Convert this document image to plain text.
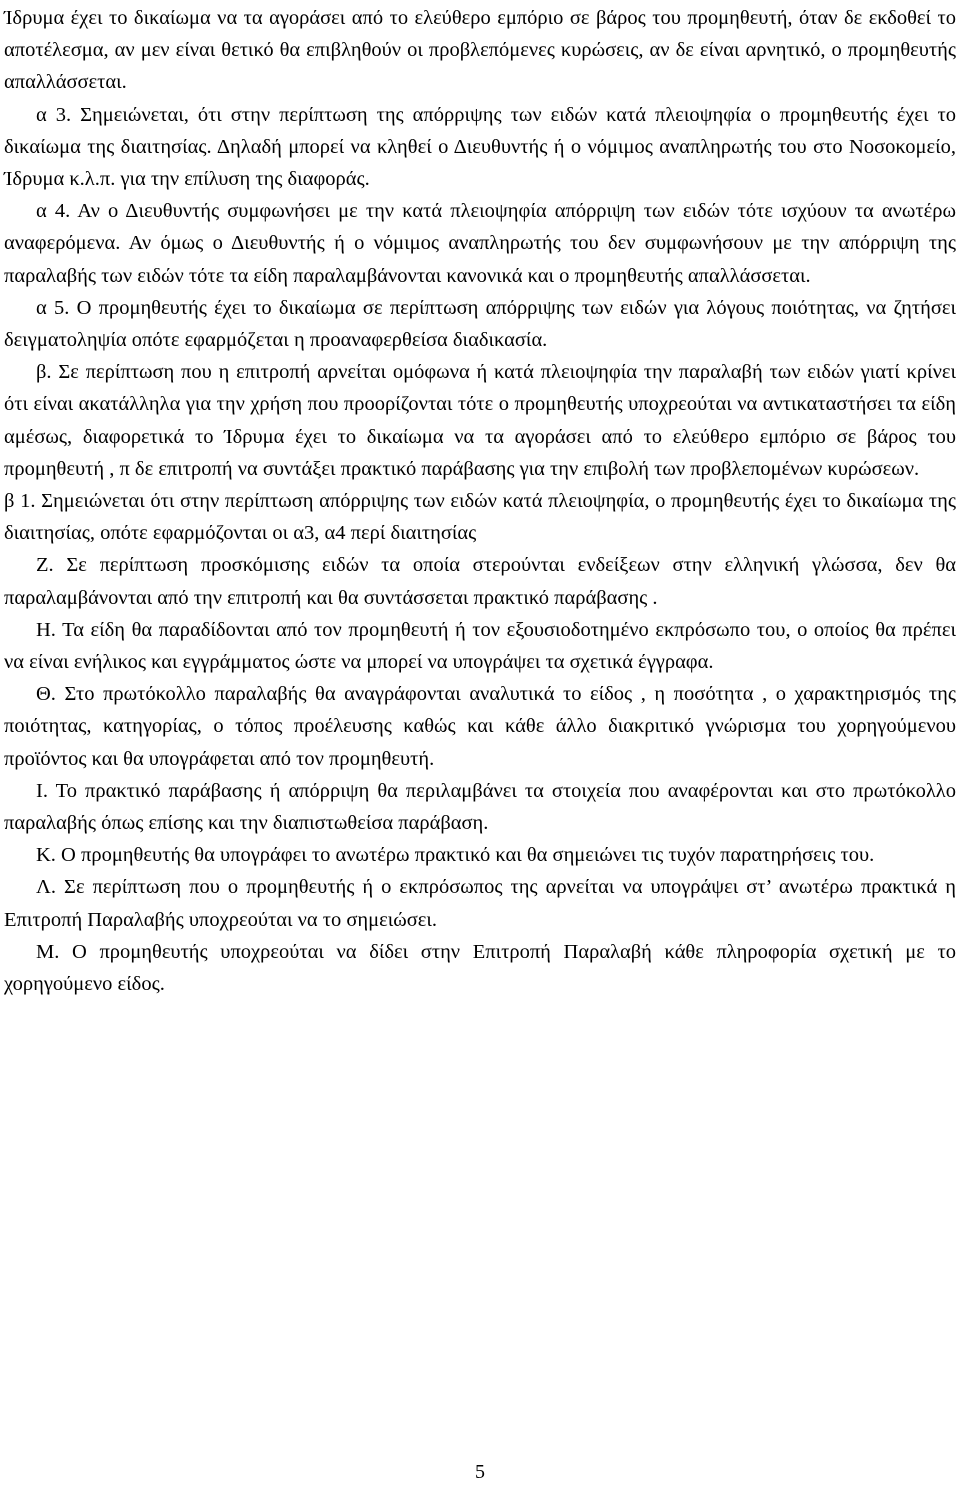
Ίδρυμα έχει το δικαίωμα να τα αγοράσει από το ελεύθερο εμπόριο σε βάρος του προμηθευτή, όταν δε εκδοθεί το αποτέλεσμα, αν μεν είναι θετικό θα επιβληθούν οι προβλεπόμενες κυρώσεις, αν δε είναι αρνητικό, ο προμηθευτής απαλλάσσεται.

α 3. Σημειώνεται, ότι στην περίπτωση της απόρριψης των ειδών κατά πλειοψηφία ο προμηθευτής έχει το δικαίωμα της διαιτησίας. Δηλαδή μπορεί να κληθεί ο Διευθυντής ή ο νόμιμος αναπληρωτής του στο Νοσοκομείο, Ίδρυμα κ.λ.π. για την επίλυση της διαφοράς.

α 4. Αν ο Διευθυντής συμφωνήσει με την κατά πλειοψηφία απόρριψη των ειδών τότε ισχύουν τα ανωτέρω αναφερόμενα. Αν όμως ο Διευθυντής ή ο νόμιμος αναπληρωτής του δεν συμφωνήσουν με την απόρριψη της παραλαβής των ειδών τότε τα είδη παραλαμβάνονται κανονικά και ο προμηθευτής απαλλάσσεται.

α 5. Ο προμηθευτής έχει το δικαίωμα σε περίπτωση απόρριψης των ειδών για λόγους ποιότητας, να ζητήσει δειγματοληψία οπότε εφαρμόζεται η προαναφερθείσα διαδικασία.

β. Σε περίπτωση που η επιτροπή αρνείται ομόφωνα ή κατά πλειοψηφία την παραλαβή των ειδών γιατί κρίνει ότι είναι ακατάλληλα για την χρήση που προορίζονται τότε ο προμηθευτής υποχρεούται να αντικαταστήσει τα είδη αμέσως, διαφορετικά το Ίδρυμα έχει το δικαίωμα να τα αγοράσει από το ελεύθερο εμπόριο σε βάρος του προμηθευτή , π δε επιτροπή να συντάξει πρακτικό παράβασης για την επιβολή των προβλεπομένων κυρώσεων.

β 1. Σημειώνεται ότι στην περίπτωση απόρριψης των ειδών κατά πλειοψηφία, ο προμηθευτής έχει το δικαίωμα της διαιτησίας, οπότε εφαρμόζονται οι α3, α4 περί διαιτησίας

Ζ. Σε περίπτωση προσκόμισης ειδών τα οποία στερούνται ενδείξεων στην ελληνική γλώσσα, δεν θα παραλαμβάνονται από την επιτροπή και θα συντάσσεται πρακτικό παράβασης .

Η. Τα είδη θα παραδίδονται από τον προμηθευτή ή τον εξουσιοδοτημένο εκπρόσωπο του, ο οποίος θα πρέπει να είναι ενήλικος και εγγράμματος ώστε να μπορεί να υπογράψει τα σχετικά έγγραφα.

Θ. Στο πρωτόκολλο παραλαβής θα αναγράφονται αναλυτικά το είδος , η ποσότητα , ο χαρακτηρισμός της ποιότητας, κατηγορίας, ο τόπος προέλευσης καθώς και κάθε άλλο διακριτικό γνώρισμα του χορηγούμενου προϊόντος και θα υπογράφεται από τον προμηθευτή.

Ι. Το πρακτικό παράβασης ή απόρριψη θα περιλαμβάνει τα στοιχεία που αναφέρονται και στο πρωτόκολλο παραλαβής όπως επίσης και την διαπιστωθείσα παράβαση.

Κ. Ο προμηθευτής θα υπογράφει το ανωτέρω πρακτικό και θα σημειώνει τις τυχόν παρατηρήσεις του.

Λ. Σε περίπτωση που ο προμηθευτής ή ο εκπρόσωπος της αρνείται να υπογράψει στ’ ανωτέρω πρακτικά η Επιτροπή Παραλαβής υποχρεούται να το σημειώσει.

Μ. Ο προμηθευτής υποχρεούται να δίδει στην Επιτροπή Παραλαβή κάθε πληροφορία σχετική με το χορηγούμενο είδος.

5
